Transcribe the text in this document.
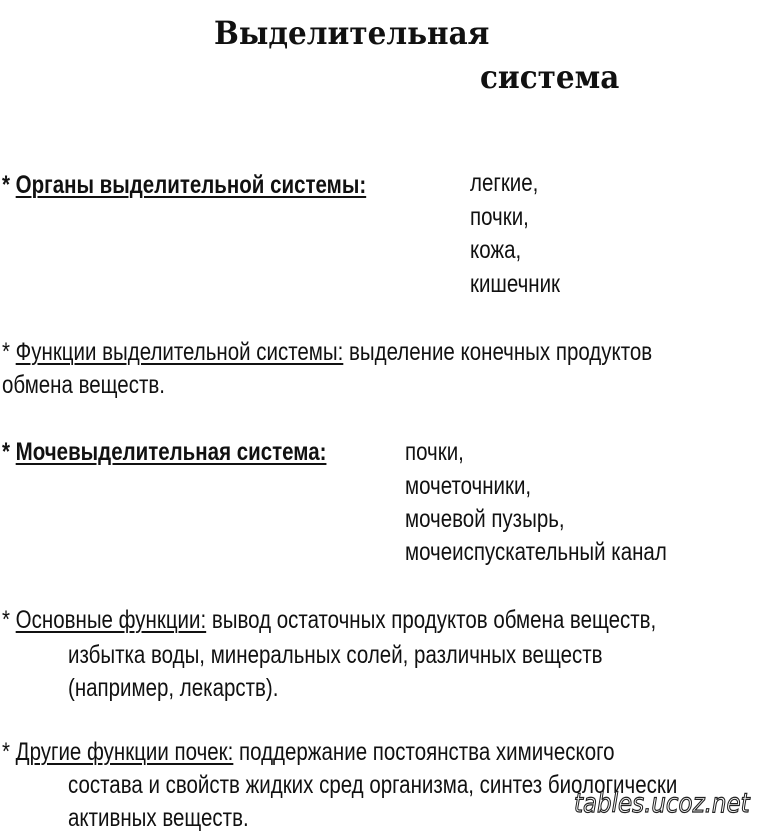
Выделительная
система
* Органы выделительной системы:	легкие,
почки,
кожа,
кишечник
* Функции выделительной системы: выделение конечных продуктов
обмена веществ.
* Мочевыделительная система:	почки,
мочеточники,
мочевой пузырь,
мочеиспускательный канал
* Основные функции: вывод остаточных продуктов обмена веществ,
избытка воды, минеральных солей, различных веществ
(например, лекарств).
* Другие функции почек: поддержание постоянства химического
состава и свойств жидких сред организма, синтез биологически
активных веществ.	tables.ucoz.net
